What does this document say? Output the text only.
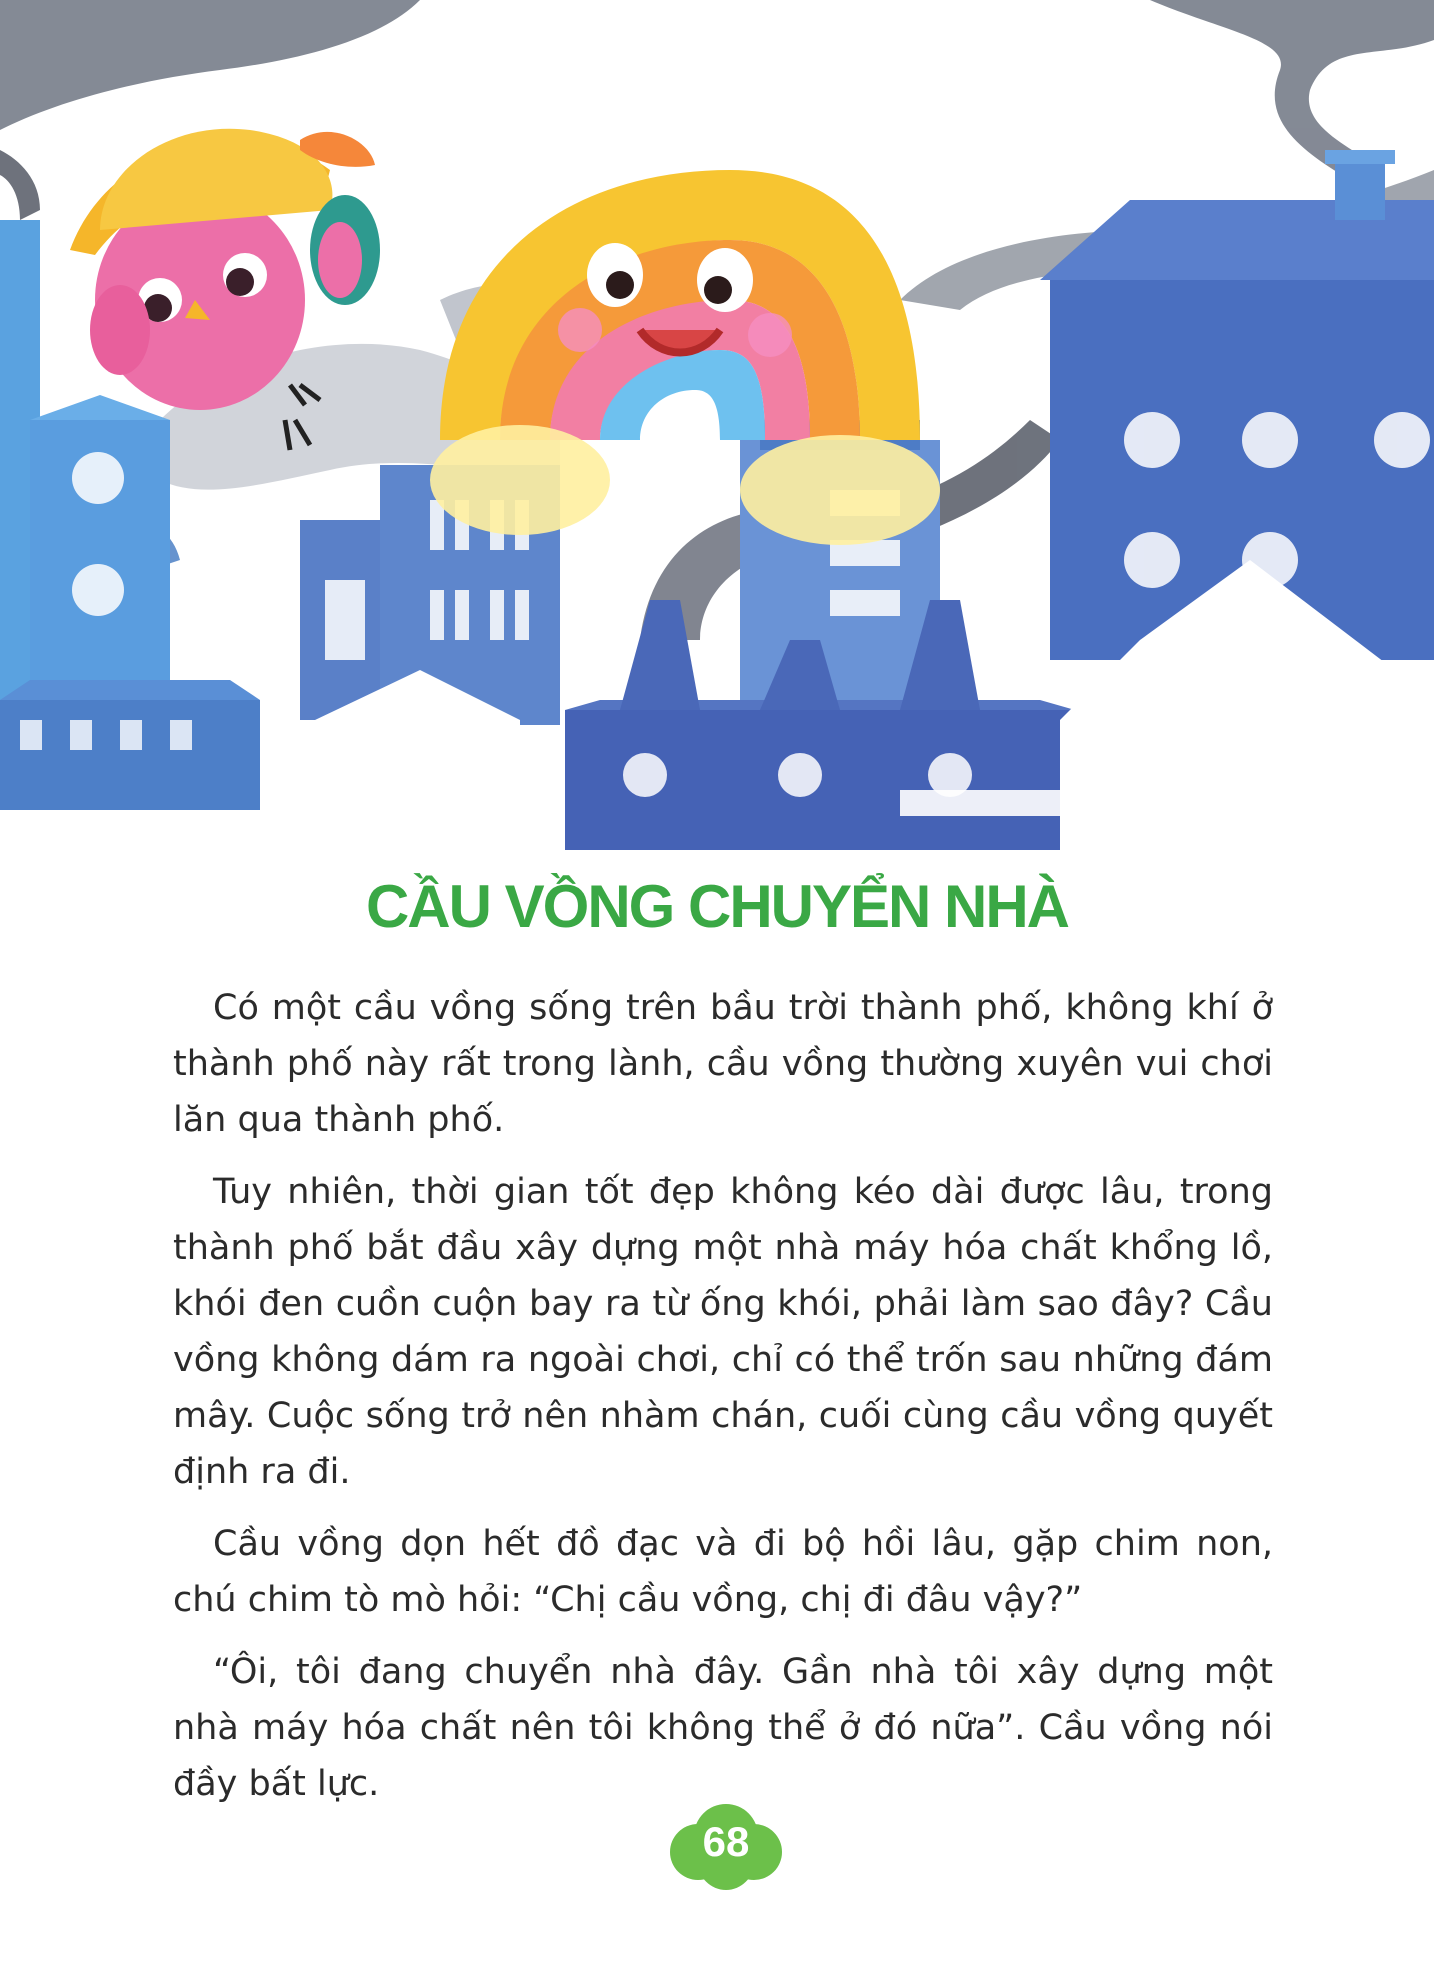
CẦU VỒNG CHUYỂN NHÀ

Có một cầu vồng sống trên bầu trời thành phố, không khí ở thành phố này rất trong lành, cầu vồng thường xuyên vui chơi lăn qua thành phố.

Tuy nhiên, thời gian tốt đẹp không kéo dài được lâu, trong thành phố bắt đầu xây dựng một nhà máy hóa chất khổng lồ, khói đen cuồn cuộn bay ra từ ống khói, phải làm sao đây? Cầu vồng không dám ra ngoài chơi, chỉ có thể trốn sau những đám mây. Cuộc sống trở nên nhàm chán, cuối cùng cầu vồng quyết định ra đi.

Cầu vồng dọn hết đồ đạc và đi bộ hồi lâu, gặp chim non, chú chim tò mò hỏi: “Chị cầu vồng, chị đi đâu vậy?”

“Ôi, tôi đang chuyển nhà đây. Gần nhà tôi xây dựng một nhà máy hóa chất nên tôi không thể ở đó nữa”. Cầu vồng nói đầy bất lực.

68
